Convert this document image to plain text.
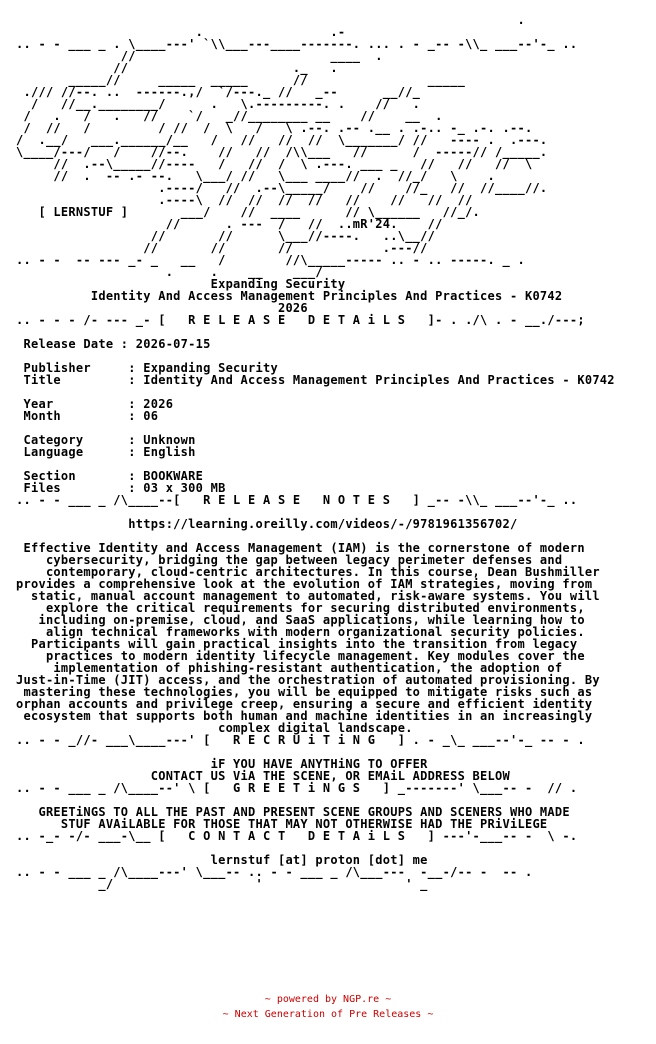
.
.                 .-
.. - - ___ _ . \____---' `\\___---____-------. ... . - _-- -\\_ ___--'-_ ..
//                          ____  .
//                      ._   .
_____//     _____  _____      //                _____
./// //--. ..  ------.,/  `/---._ //   _--      __//_
/   //__.________/      .   \.---------. .    //   .
/   .   /   .   //    `/   _//________ __    //    __  .
/  //   /         / //  /  \   /   \ .--. .-- .__ . .-.. -_ .-. .--.
/  .__/   ___.______/__   /   //   //  //  \_______/ //   ---- .  .---.
\____/---/   /    //--.    //   //  /\\___   //      /  -----// /_____.
//  .--\_____//----   /   //  /  \ .---. ___ _   //   //   //  \
//  .  -- .- --.   \___/ //   \___ ____//  .  //_/   \    .
.----/   //  .--\_____/    //    //_   //  //____//.
.----\  //  //  //  //   //    //   //  //
[ LERNSTUF ]       ___/    //  ____      // \______   //_/.
//      . ---  /   //  ..mR'24.    //
//       //      \___//----.   ..\__//
//       //       //            .---//
.. - -  -- --- _- _   __   /        //\_____----- .. - .. -----. _ .
.     .    __    ___/
Expanding Security
Identity And Access Management Principles And Practices - K0742
2026
.. - - - /- --- _- [   R E L E A S E   D E T A i L S   ]- . ./\ . - __./---;

Release Date : 2026-07-15

Publisher     : Expanding Security
Title         : Identity And Access Management Principles And Practices - K0742

Year          : 2026
Month         : 06

Category      : Unknown
Language      : English

Section       : BOOKWARE
Files         : 03 x 300 MB
.. - - ___ _ /\____--[   R E L E A S E   N O T E S   ] _-- -\\_ ___--'-_ ..

https://learning.oreilly.com/videos/-/9781961356702/

Effective Identity and Access Management (IAM) is the cornerstone of modern
cybersecurity, bridging the gap between legacy perimeter defenses and
contemporary, cloud-centric architectures. In this course, Dean Bushmiller
provides a comprehensive look at the evolution of IAM strategies, moving from
static, manual account management to automated, risk-aware systems. You will
explore the critical requirements for securing distributed environments,
including on-premise, cloud, and SaaS applications, while learning how to
align technical frameworks with modern organizational security policies.
Participants will gain practical insights into the transition from legacy
practices to modern identity lifecycle management. Key modules cover the
implementation of phishing-resistant authentication, the adoption of
Just-in-Time (JIT) access, and the orchestration of automated provisioning. By
mastering these technologies, you will be equipped to mitigate risks such as
orphan accounts and privilege creep, ensuring a secure and efficient identity
ecosystem that supports both human and machine identities in an increasingly
complex digital landscape.
.. - - _//- ___\____---' [   R E C R U i T i N G   ] . - _\_ ___--'-_ -- - .

iF YOU HAVE ANYTHiNG TO OFFER
CONTACT US ViA THE SCENE, OR EMAiL ADDRESS BELOW
.. - - ___ _ /\____--' \ [   G R E E T i N G S   ] _-------' \___-- -  // .

GREETiNGS TO ALL THE PAST AND PRESENT SCENE GROUPS AND SCENERS WHO MADE
STUF AVAiLABLE FOR THOSE THAT MAY NOT OTHERWISE HAD THE PRiViLEGE
.. -_- -/- ___-\__ [   C O N T A C T   D E T A i L S   ] ---'-___-- -  \ -.

lernstuf [at] proton [dot] me
.. - - ___ _ /\____---' \___-- .. - - ___ _ /\___---  -__-/-- -  -- .
_/                   '                   ' _
~ powered by NGP.re ~
~ Next Generation of Pre Releases ~
